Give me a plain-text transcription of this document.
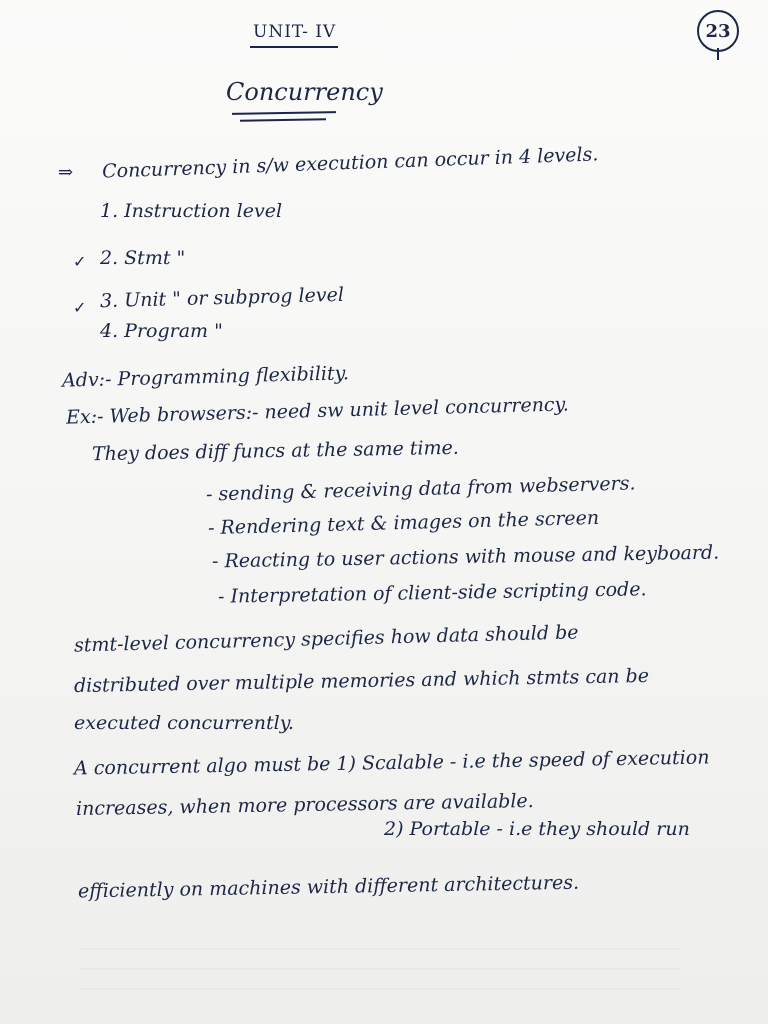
UNIT- IV	23
Concurrency
⇒ Concurrency in s/w execution can occur in 4 levels.
1. Instruction level
✓ 2. Stmt "
✓ 3. Unit " or subprog level
4. Program "
Adv:- Programming flexibility.
Ex:- Web browsers:- need sw unit level concurrency.
They does diff funcs at the same time.
- sending & receiving data from webservers.
- Rendering text & images on the screen
- Reacting to user actions with mouse and keyboard.
- Interpretation of client-side scripting code.
stmt-level concurrency specifies how data should be
distributed over multiple memories and which stmts can be
executed concurrently.
A concurrent algo must be 1) Scalable - i.e the speed of execution
increases, when more processors are available.
2) Portable - i.e they should run
efficiently on machines with different architectures.
